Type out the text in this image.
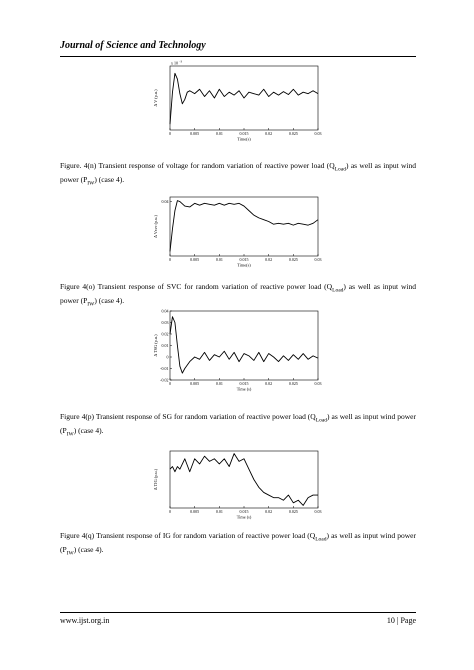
Journal of Science and Technology
0	0.005	0.01	0.015	0.02	0.025	0.03
Time(s)
Δ V (p.u.)
x 10 -3
Figure. 4(n) Transient response of voltage for random variation of reactive power load $(Q_{Load})$ as well as input wind power $(P_{IW})$ (case 4).
0	0.005	0.01	0.015	0.02	0.025	0.03
0.04
Time(s)
Δ Vsvc (p.u.)
Figure 4(o) Transient response of SVC for random variation of reactive power load $(Q_{Load})$ as well as input wind power $(P_{IW})$ (case 4).
0	0.005	0.01	0.015	0.02	0.025	0.03
0.04
0.03
0.02
0.01
0
-0.01
-0.02
Time (s)
Δ TSG (p.u.)
Figure 4(p) Transient response of SG for random variation of reactive power load $(Q_{Load})$ as well as input wind power $(P_{IW})$ (case 4).
0	0.005	0.01	0.015	0.02	0.025	0.03
Time (s)
Δ TIG (p.u.)
Figure 4(q) Transient response of IG for random variation of reactive power load $(Q_{Load})$ as well as input wind power $(P_{IW})$ (case 4).
www.ijst.org.in	10 | Page
